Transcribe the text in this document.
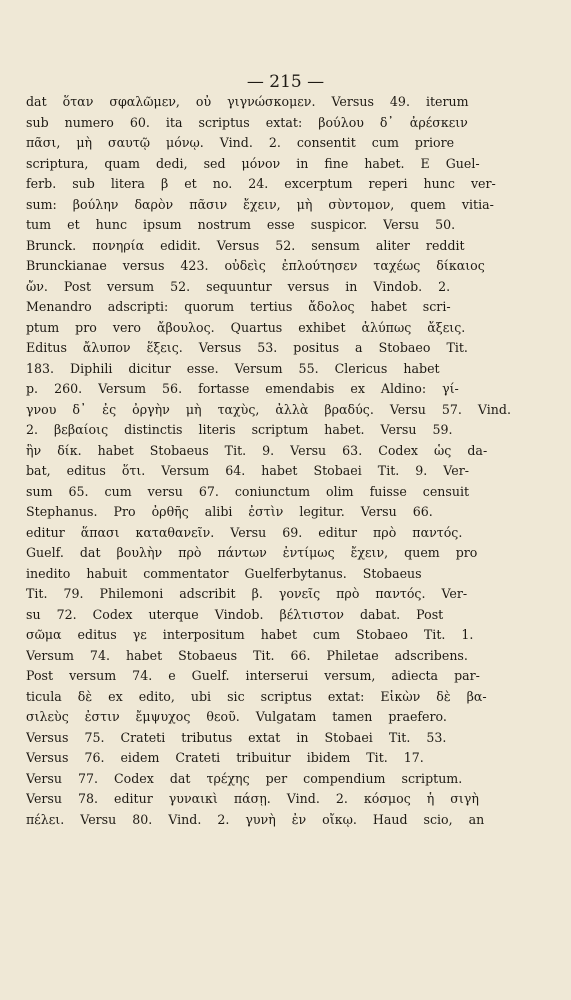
— 215 —
dat ὅταν σφαλῶμεν, οὐ γιγνώσκομεν. Versus 49. iterum
sub numero 60. ita scriptus extat: βούλου δ᾽ ἀρέσκειν
πᾶσι, μὴ σαυτῷ μόνῳ. Vind. 2. consentit cum priore
scriptura, quam dedi, sed μόνον in fine habet. E Guel-
ferb. sub litera β et no. 24. excerptum reperi hunc ver-
sum: βούλην δαρὸν πᾶσιν ἔχειν, μὴ σὺντομον, quem vitia-
tum et hunc ipsum nostrum esse suspicor. Versu 50.
Brunck. πονηρία edidit. Versus 52. sensum aliter reddit
Brunckianae versus 423. οὐδεὶς ἐπλούτησεν ταχέως δίκαιος
ὤν. Post versum 52. sequuntur versus in Vindob. 2.
Menandro adscripti: quorum tertius ἄδολος habet scri-
ptum pro vero ἄβουλος. Quartus exhibet ἀλύπως ἄξεις.
Editus ἄλυπον ἕξεις. Versus 53. positus a Stobaeo Tit.
183. Diphili dicitur esse. Versum 55. Clericus habet
p. 260. Versum 56. fortasse emendabis ex Aldino: γί-
γνου δ᾽ ἐς ὀργὴν μὴ ταχὺς, ἀλλὰ βραδύς. Versu 57. Vind.
2. βεβαίοις distinctis literis scriptum habet. Versu 59.
ἣν δίκ. habet Stobaeus Tit. 9. Versu 63. Codex ὡς da-
bat, editus ὅτι. Versum 64. habet Stobaei Tit. 9. Ver-
sum 65. cum versu 67. coniunctum olim fuisse censuit
Stephanus. Pro ὀρθῆς alibi ἐστὶν legitur. Versu 66.
editur ἅπασι καταθανεῖν. Versu 69. editur πρὸ παντός.
Guelf. dat βουλὴν πρὸ πάντων ἐντίμως ἔχειν, quem pro
inedito habuit commentator Guelferbytanus. Stobaeus
Tit. 79. Philemoni adscribit β. γονεῖς πρὸ παντός. Ver-
su 72. Codex uterque Vindob. βέλτιστον dabat. Post
σῶμα editus γε interpositum habet cum Stobaeo Tit. 1.
Versum 74. habet Stobaeus Tit. 66. Philetae adscribens.
Post versum 74. e Guelf. interserui versum, adiecta par-
ticula δὲ ex edito, ubi sic scriptus extat: Εἰκὼν δὲ βα-
σιλεὺς ἐστιν ἔμψυχος θεοῦ. Vulgatam tamen praefero.
Versus 75. Crateti tributus extat in Stobaei Tit. 53.
Versus 76. eidem Crateti tribuitur ibidem Tit. 17.
Versu 77. Codex dat τρέχης per compendium scriptum.
Versu 78. editur γυναικὶ πάσῃ. Vind. 2. κόσμος ἡ σιγὴ
πέλει. Versu 80. Vind. 2. γυνὴ ἐν οἴκῳ. Haud scio, an
